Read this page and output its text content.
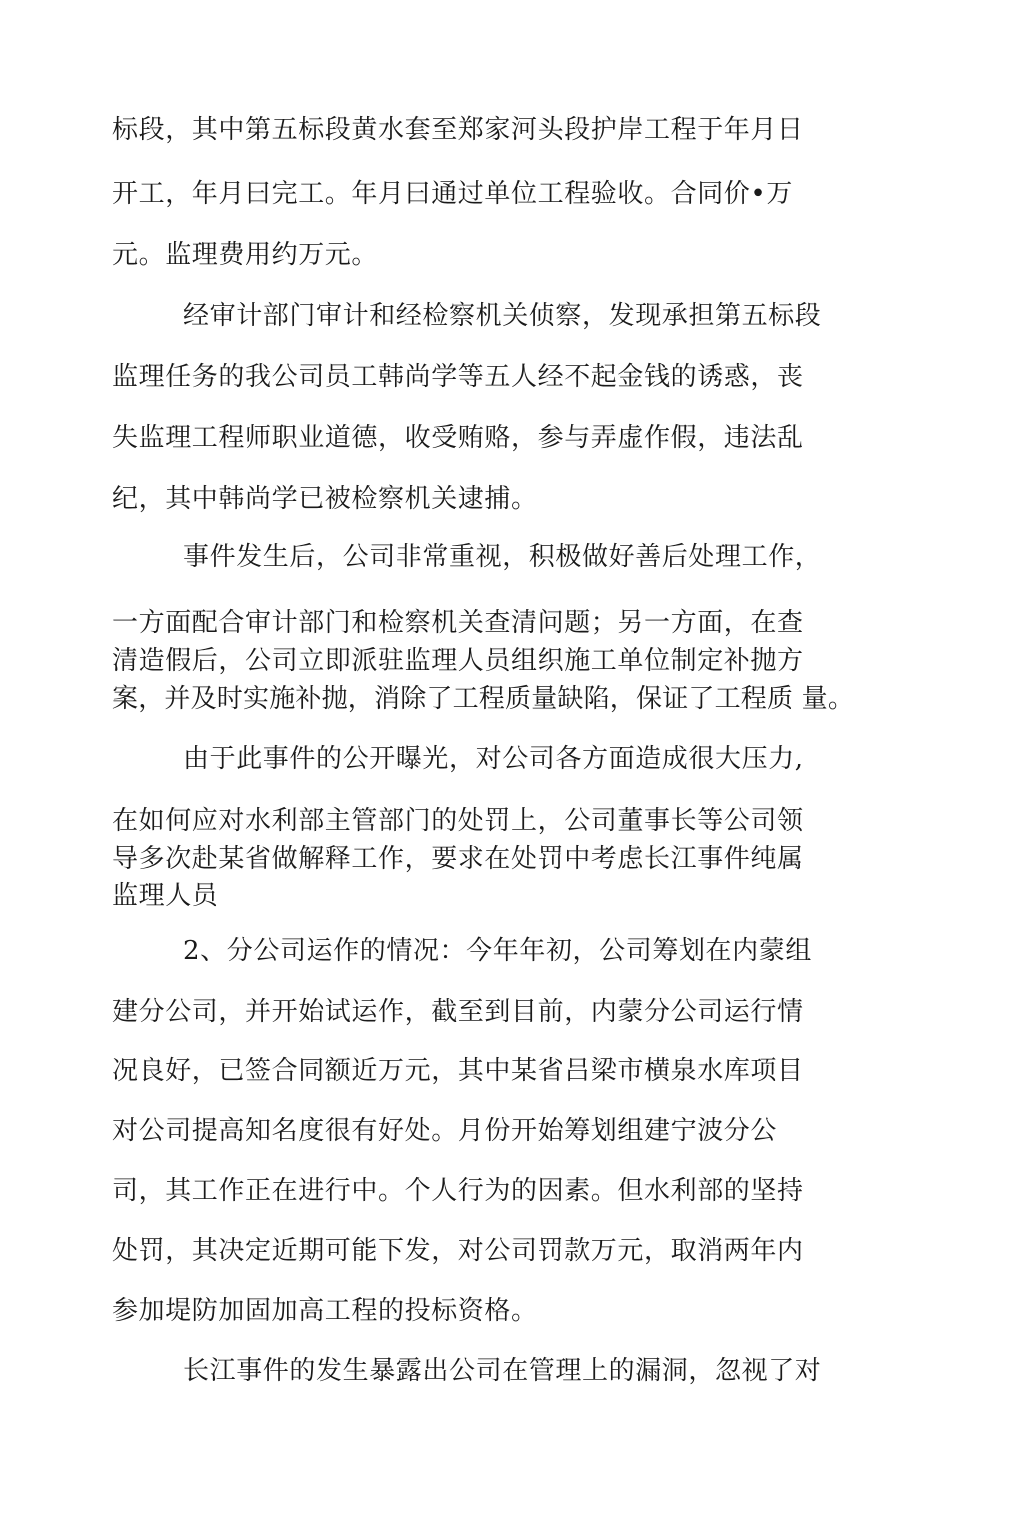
标段，其中第五标段黄水套至郑家河头段护岸工程于年月日
开工，年月曰完工。年月曰通过单位工程验收。合同价•万
元。监理费用约万元。
经审计部门审计和经检察机关侦察，发现承担第五标段
监理任务的我公司员工韩尚学等五人经不起金钱的诱惑，丧
失监理工程师职业道德，收受贿赂，参与弄虚作假，违法乱
纪，其中韩尚学已被检察机关逮捕。
事件发生后，公司非常重视，积极做好善后处理工作，
一方面配合审计部门和检察机关查清问题；另一方面，在查
清造假后，公司立即派驻监理人员组织施工单位制定补抛方
案，并及时实施补抛，消除了工程质量缺陷，保证了工程质 量。
由于此事件的公开曝光，对公司各方面造成很大压力,
在如何应对水利部主管部门的处罚上，公司董事长等公司领
导多次赴某省做解释工作，要求在处罚中考虑长江事件纯属
监理人员
2、分公司运作的情况：今年年初，公司筹划在内蒙组
建分公司，并开始试运作，截至到目前，内蒙分公司运行情
况良好，已签合同额近万元，其中某省吕梁市横泉水库项目
对公司提高知名度很有好处。月份开始筹划组建宁波分公
司，其工作正在进行中。个人行为的因素。但水利部的坚持
处罚，其决定近期可能下发，对公司罚款万元，取消两年内
参加堤防加固加高工程的投标资格。
长江事件的发生暴露出公司在管理上的漏洞，忽视了对
